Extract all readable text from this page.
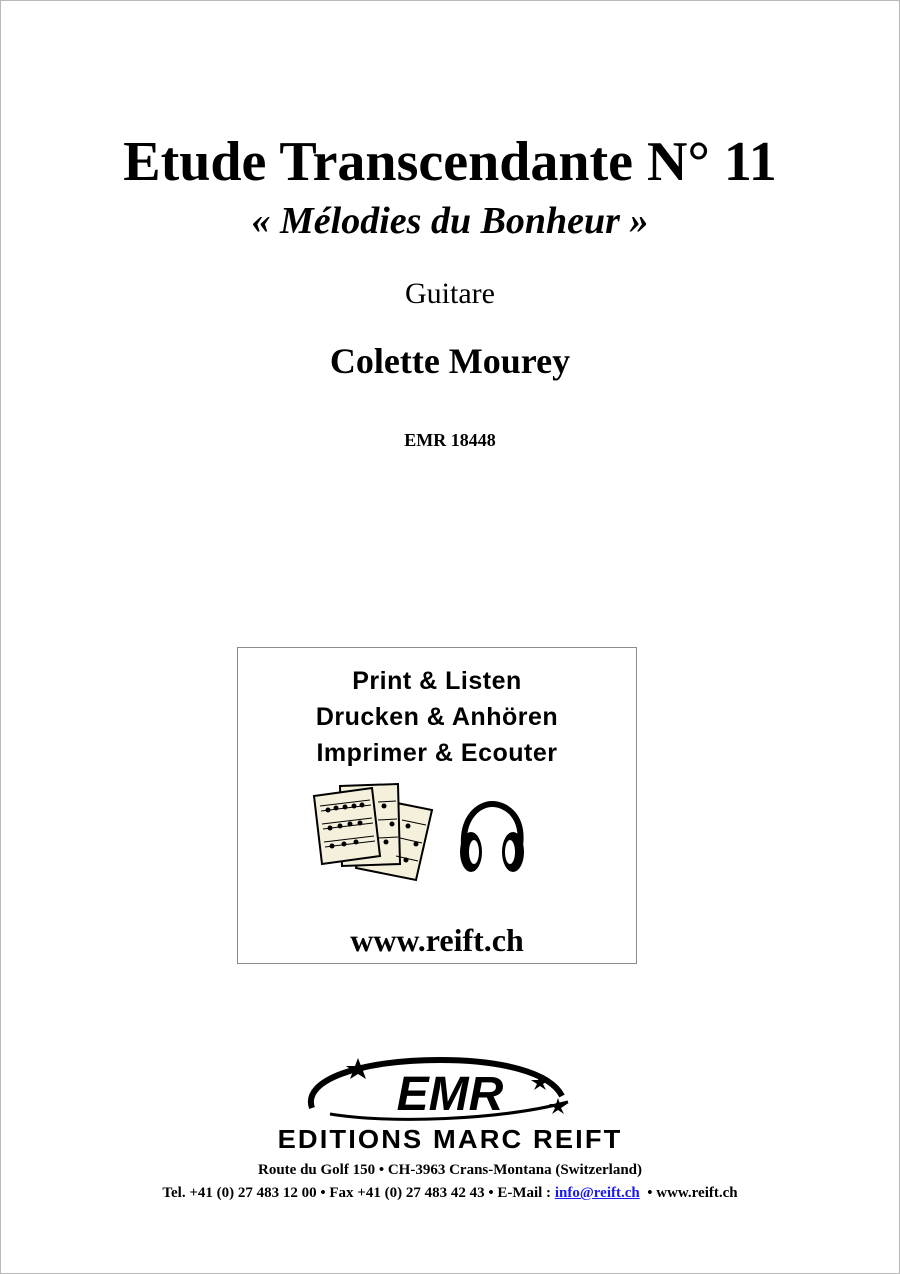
Etude Transcendante N° 11
« Mélodies du Bonheur »
Guitare
Colette Mourey
EMR 18448
Print & Listen
Drucken & Anhören
Imprimer & Ecouter
www.reift.ch
EMR
EDITIONS MARC REIFT
Route du Golf 150 • CH-3963 Crans-Montana (Switzerland)
Tel. +41 (0) 27 483 12 00 • Fax +41 (0) 27 483 42 43 • E-Mail : info@reift.ch  • www.reift.ch
